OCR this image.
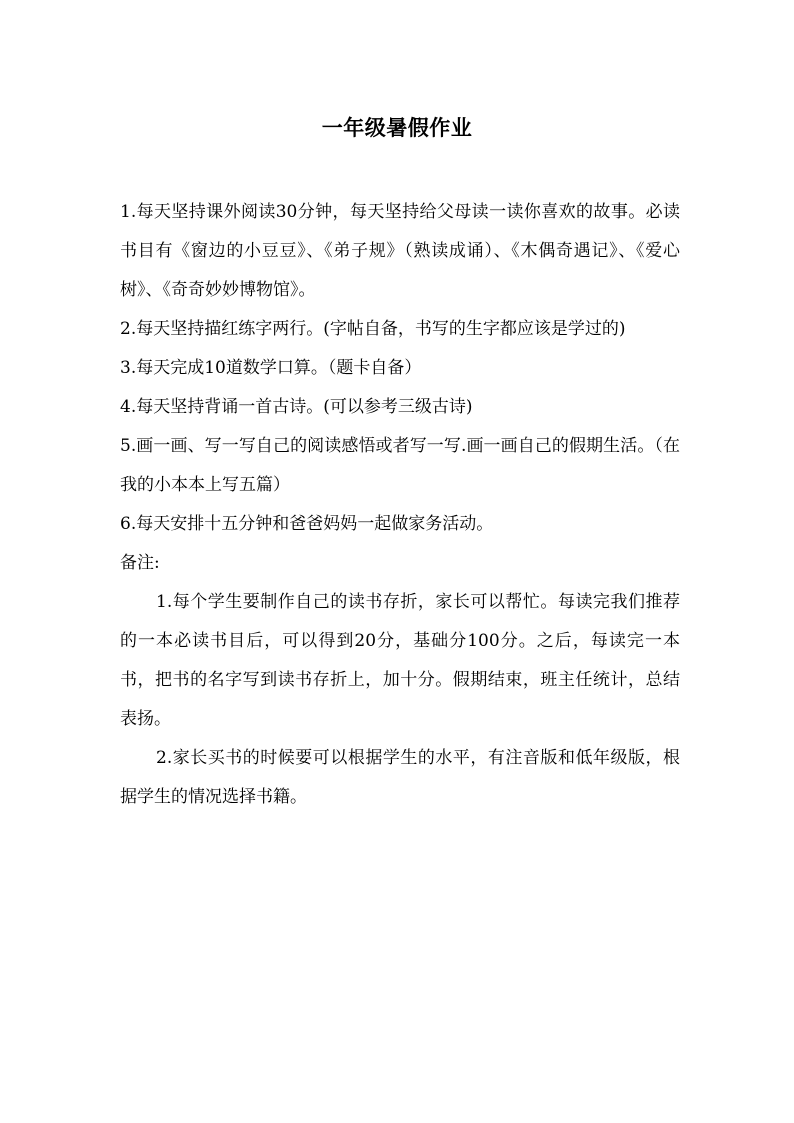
一年级暑假作业

1.每天坚持课外阅读30分钟，每天坚持给父母读一读你喜欢的故事。必读书目有《窗边的小豆豆》、《弟子规》（熟读成诵）、《木偶奇遇记》、《爱心树》、《奇奇妙妙博物馆》。

2.每天坚持描红练字两行。(字帖自备，书写的生字都应该是学过的)

3.每天完成10道数学口算。（题卡自备）

4.每天坚持背诵一首古诗。(可以参考三级古诗)

5.画一画、写一写自己的阅读感悟或者写一写.画一画自己的假期生活。（在我的小本本上写五篇）

6.每天安排十五分钟和爸爸妈妈一起做家务活动。

备注:

1.每个学生要制作自己的读书存折，家长可以帮忙。每读完我们推荐的一本必读书目后，可以得到20分，基础分100分。之后，每读完一本书，把书的名字写到读书存折上，加十分。假期结束，班主任统计，总结表扬。

2.家长买书的时候要可以根据学生的水平，有注音版和低年级版，根据学生的情况选择书籍。
